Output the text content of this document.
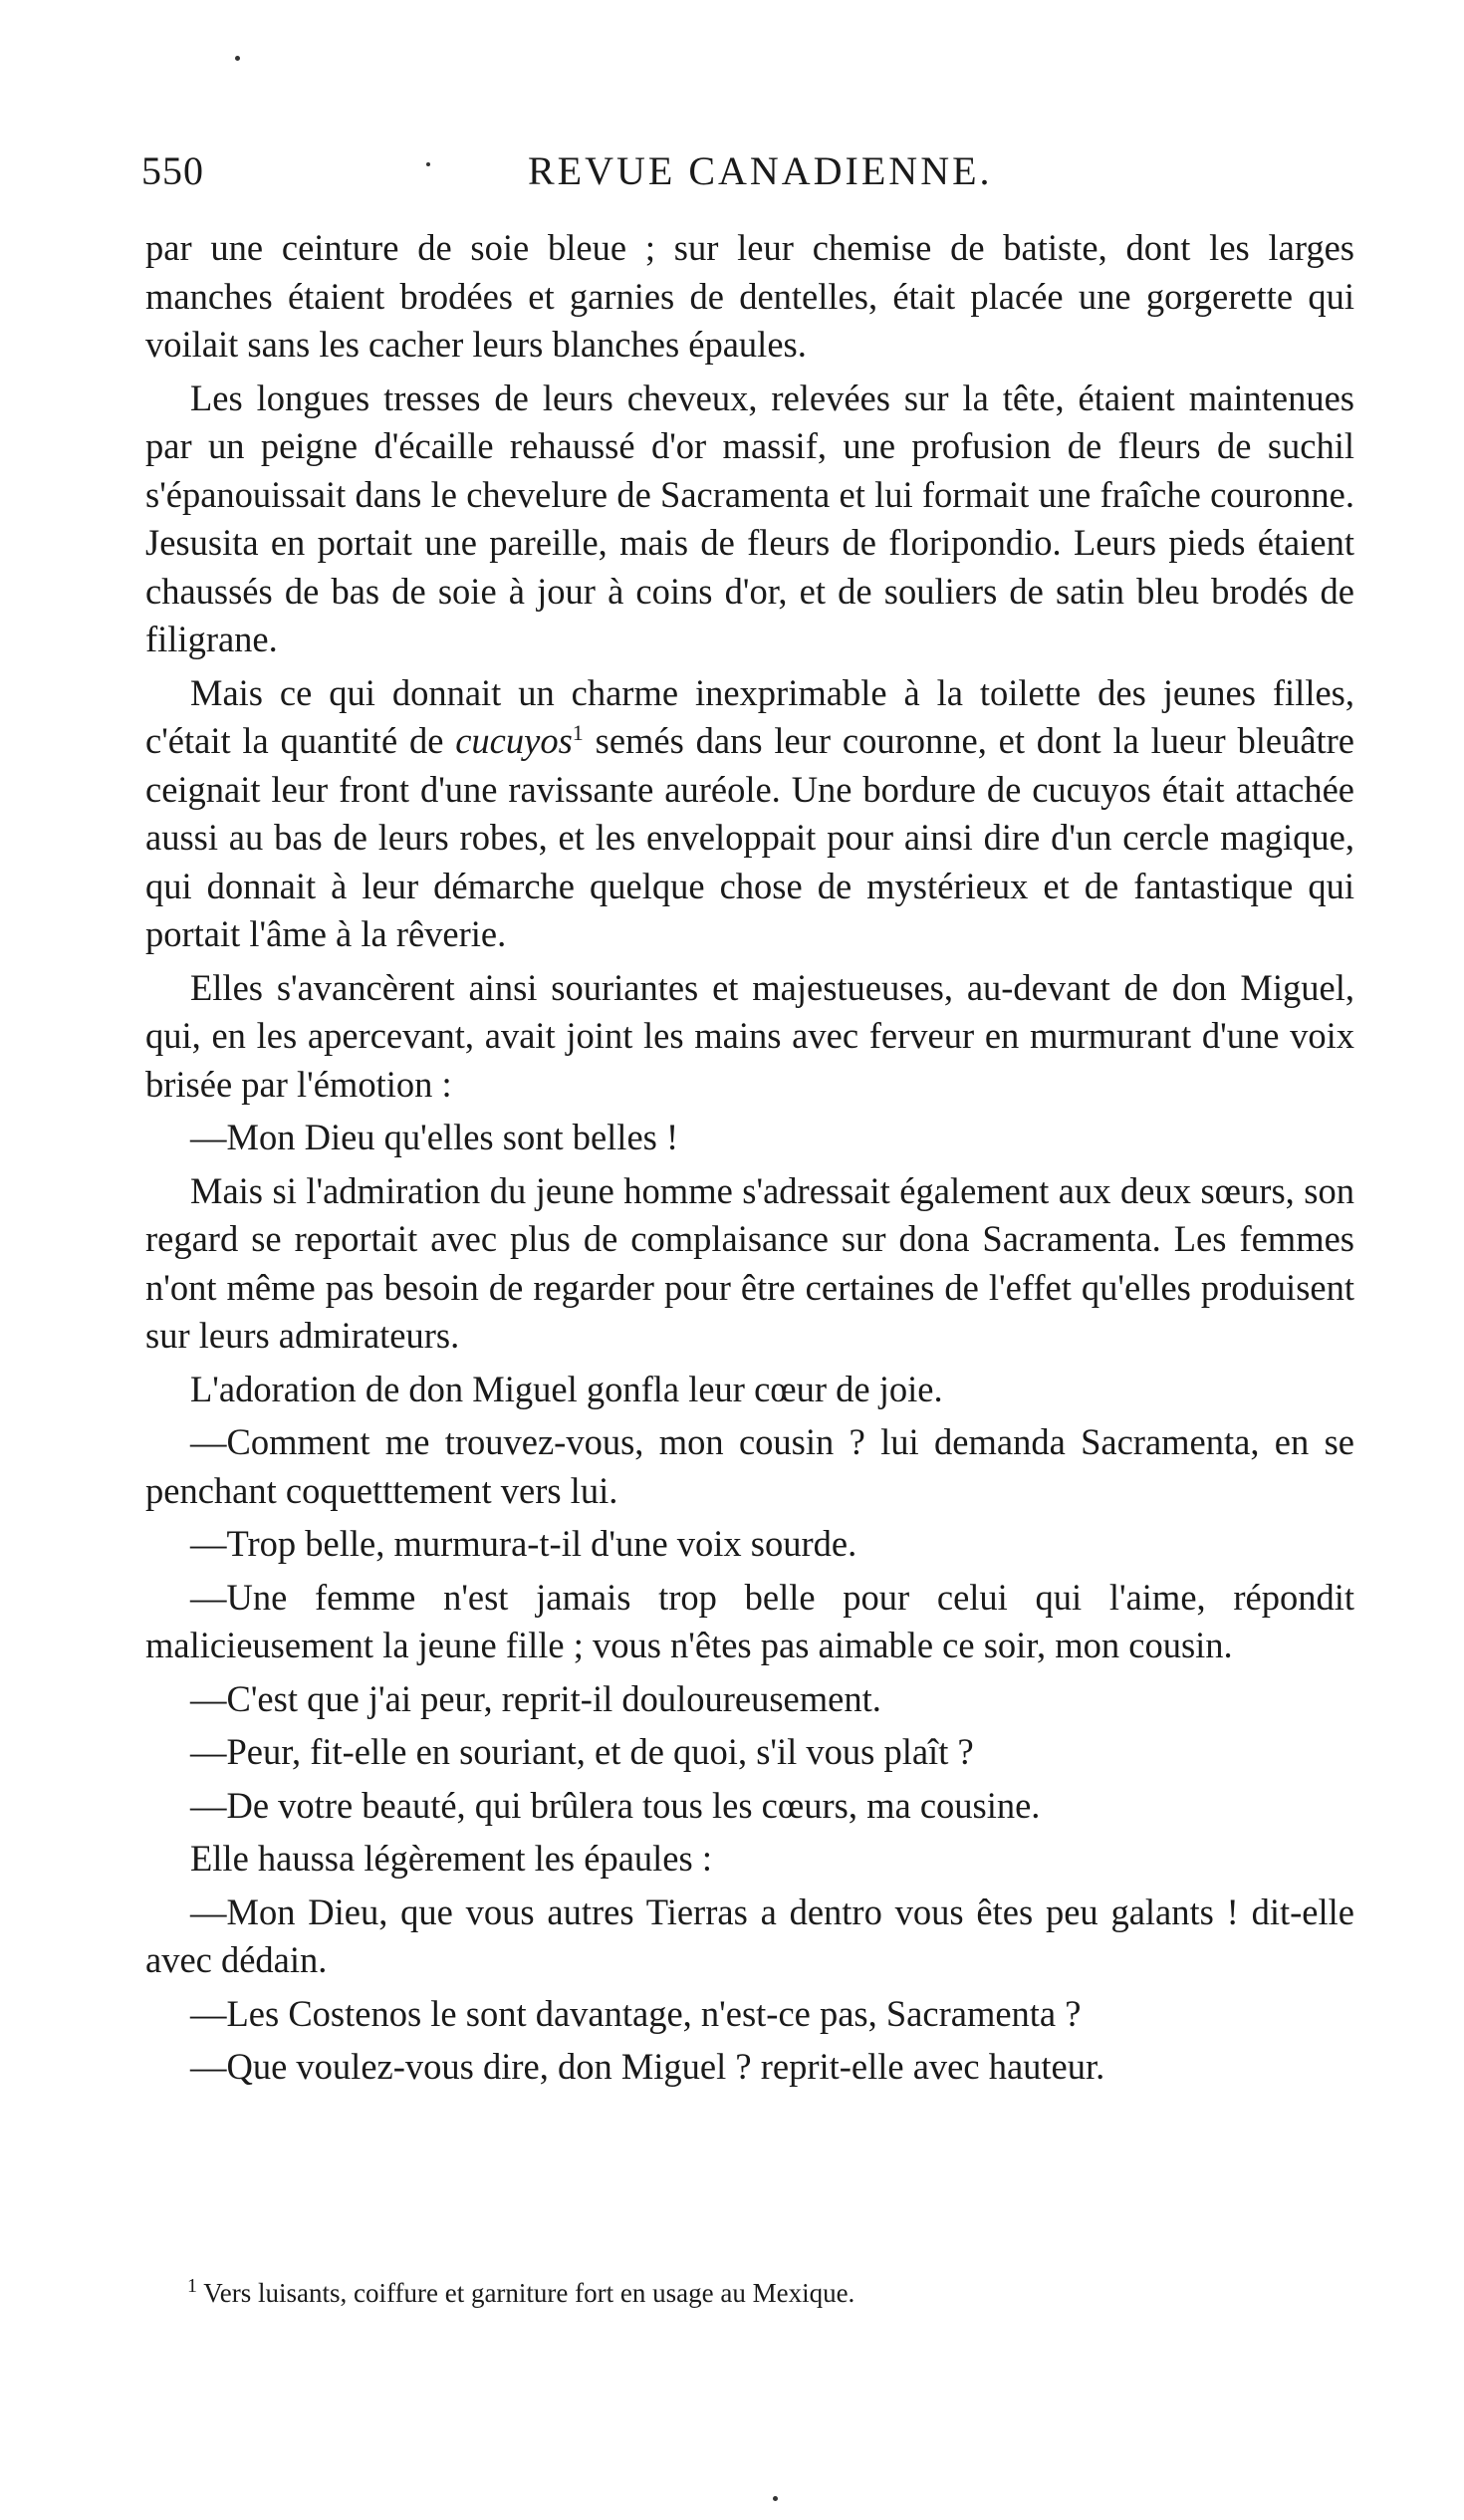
550	REVUE CANADIENNE.

par une ceinture de soie bleue ; sur leur chemise de batiste, dont les larges manches étaient brodées et garnies de dentelles, était placée une gorgerette qui voilait sans les cacher leurs blanches épaules.

Les longues tresses de leurs cheveux, relevées sur la tête, étaient maintenues par un peigne d'écaille rehaussé d'or massif, une profusion de fleurs de suchil s'épanouissait dans le chevelure de Sacramenta et lui formait une fraîche couronne. Jesusita en portait une pareille, mais de fleurs de floripondio. Leurs pieds étaient chaussés de bas de soie à jour à coins d'or, et de souliers de satin bleu brodés de filigrane.

Mais ce qui donnait un charme inexprimable à la toilette des jeunes filles, c'était la quantité de cucuyos$^1$ semés dans leur couronne, et dont la lueur bleuâtre ceignait leur front d'une ravissante auréole. Une bordure de cucuyos était attachée aussi au bas de leurs robes, et les enveloppait pour ainsi dire d'un cercle magique, qui donnait à leur démarche quelque chose de mystérieux et de fantastique qui portait l'âme à la rêverie.

Elles s'avancèrent ainsi souriantes et majestueuses, au-devant de don Miguel, qui, en les apercevant, avait joint les mains avec ferveur en murmurant d'une voix brisée par l'émotion :

—Mon Dieu qu'elles sont belles !

Mais si l'admiration du jeune homme s'adressait également aux deux sœurs, son regard se reportait avec plus de complaisance sur dona Sacramenta. Les femmes n'ont même pas besoin de regarder pour être certaines de l'effet qu'elles produisent sur leurs admirateurs.

L'adoration de don Miguel gonfla leur cœur de joie.

—Comment me trouvez-vous, mon cousin ? lui demanda Sacramenta, en se penchant coquetttement vers lui.

—Trop belle, murmura-t-il d'une voix sourde.

—Une femme n'est jamais trop belle pour celui qui l'aime, répondit malicieusement la jeune fille ; vous n'êtes pas aimable ce soir, mon cousin.

—C'est que j'ai peur, reprit-il douloureusement.

—Peur, fit-elle en souriant, et de quoi, s'il vous plaît ?

—De votre beauté, qui brûlera tous les cœurs, ma cousine.

Elle haussa légèrement les épaules :

—Mon Dieu, que vous autres Tierras a dentro vous êtes peu galants ! dit-elle avec dédain.

—Les Costenos le sont davantage, n'est-ce pas, Sacramenta ?

—Que voulez-vous dire, don Miguel ? reprit-elle avec hauteur.

$^1$ Vers luisants, coiffure et garniture fort en usage au Mexique.
